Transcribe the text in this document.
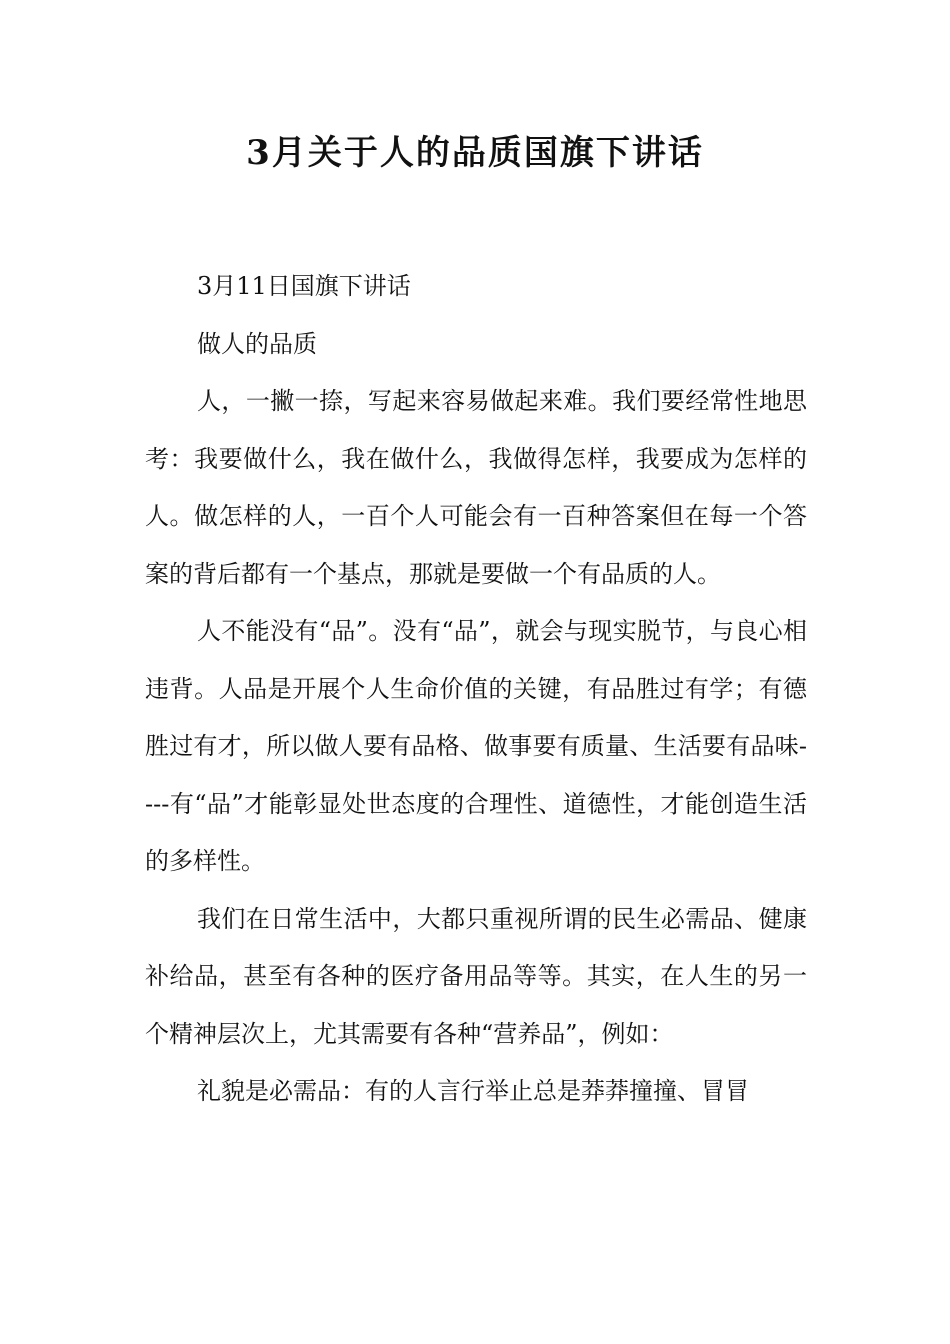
3月关于人的品质国旗下讲话

3月11日国旗下讲话

做人的品质

人，一撇一捺，写起来容易做起来难。我们要经常性地思考：我要做什么，我在做什么，我做得怎样，我要成为怎样的人。做怎样的人，一百个人可能会有一百种答案但在每一个答案的背后都有一个基点，那就是要做一个有品质的人。

人不能没有“品”。没有“品”，就会与现实脱节，与良心相违背。人品是开展个人生命价值的关键，有品胜过有学；有德胜过有才，所以做人要有品格、做事要有质量、生活要有品味----有“品”才能彰显处世态度的合理性、道德性，才能创造生活的多样性。

我们在日常生活中，大都只重视所谓的民生必需品、健康补给品，甚至有各种的医疗备用品等等。其实，在人生的另一个精神层次上，尤其需要有各种“营养品”，例如：

礼貌是必需品：有的人言行举止总是莽莽撞撞、冒冒
